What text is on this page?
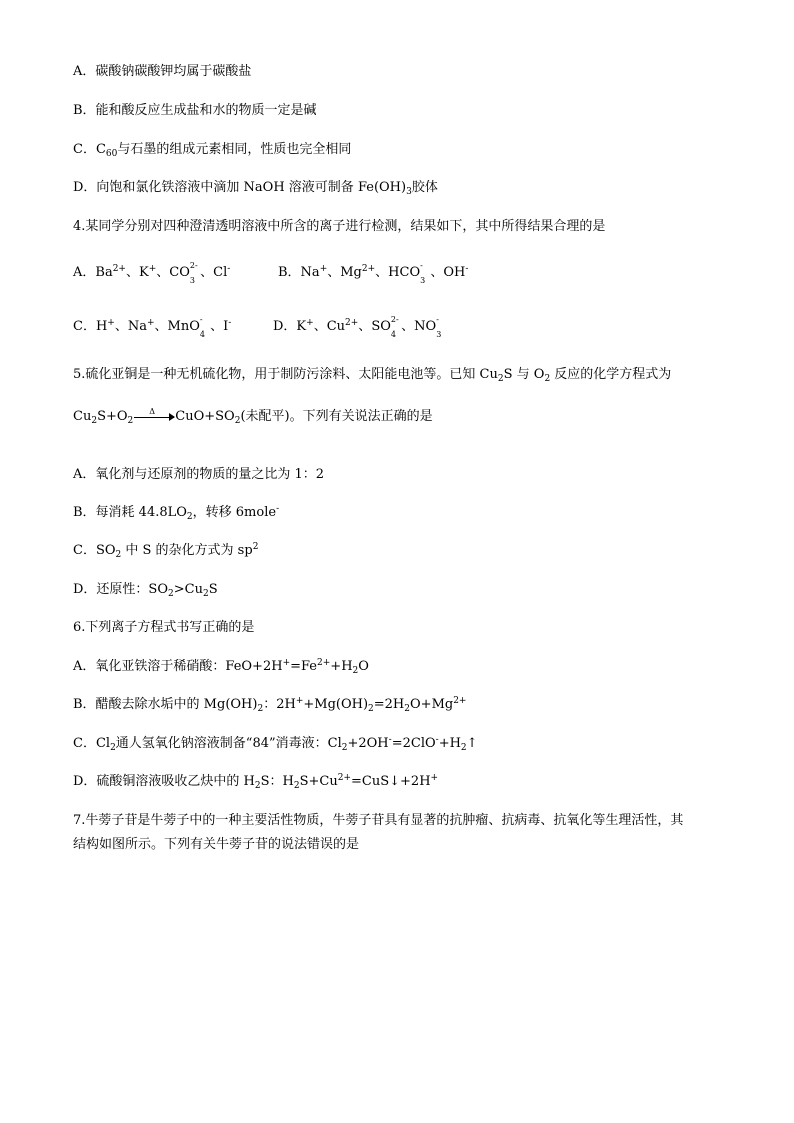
A．碳酸钠碳酸钾均属于碳酸盐
B．能和酸反应生成盐和水的物质一定是碱
C．$C_{60}$与石墨的组成元素相同，性质也完全相同
D．向饱和氯化铁溶液中滴加 NaOH 溶液可制备 $Fe(OH)_3$胶体
4.某同学分别对四种澄清透明溶液中所含的离子进行检测，结果如下，其中所得结果合理的是
A．$Ba^{2+}$、K+、CO 2-
3
、Cl-	B．Na+、$Mg^{2+}$、HCO -
3
、OH-
C．H+、Na+、MnO -
4
、I-	D．K+、$Cu^{2+}$、SO 2-
4
、NO -
3
5.硫化亚铜是一种无机硫化物，用于制防污涂料、太阳能电池等。已知 $Cu_2S$ 与 $O_2$ 反应的化学方程式为
$Cu_2S+O_2$
Δ $CuO+SO_2$(未配平)。下列有关说法正确的是
A．氧化剂与还原剂的物质的量之比为 1：2
B．每消耗 $44.8LO_2$，转移 6mole-
C．$SO_2$ 中 S 的杂化方式为 $sp^2$
D．还原性：$SO_2>Cu_2S$
6.下列离子方程式书写正确的是
A．氧化亚铁溶于稀硝酸：$FeO+2H^+=Fe^{2+}+H_2O$
B．醋酸去除水垢中的 $Mg(OH)_2$：$2H^++Mg(OH)_2=2H_2O+Mg^{2+}$
C．$Cl_2$通人氢氧化钠溶液制备“84”消毒液：$Cl_2+2OH^-=2ClO^-+H_2↑$
D．硫酸铜溶液吸收乙炔中的 $H_2S$：$H_2S+Cu^{2+}=CuS↓+2H^+$
7.牛蒡子苷是牛蒡子中的一种主要活性物质，牛蒡子苷具有显著的抗肿瘤、抗病毒、抗氧化等生理活性，其
结构如图所示。下列有关牛蒡子苷的说法错误的是
